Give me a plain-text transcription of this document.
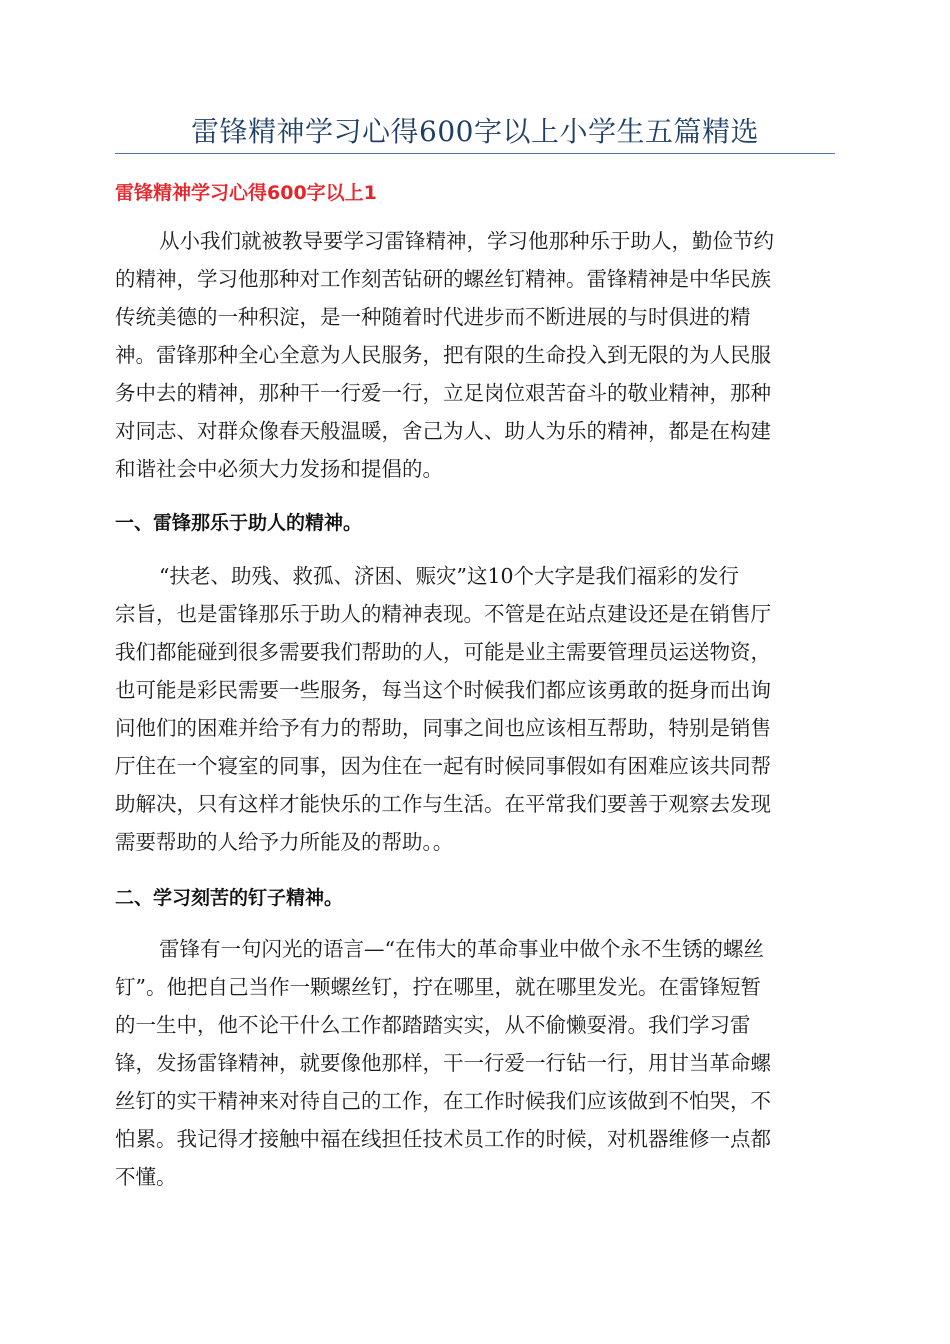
雷锋精神学习心得600字以上小学生五篇精选
雷锋精神学习心得600字以上1
从小我们就被教导要学习雷锋精神，学习他那种乐于助人，勤俭节约
的精神，学习他那种对工作刻苦钻研的螺丝钉精神。雷锋精神是中华民族
传统美德的一种积淀，是一种随着时代进步而不断进展的与时俱进的精
神。雷锋那种全心全意为人民服务，把有限的生命投入到无限的为人民服
务中去的精神，那种干一行爱一行，立足岗位艰苦奋斗的敬业精神，那种
对同志、对群众像春天般温暖，舍己为人、助人为乐的精神，都是在构建
和谐社会中必须大力发扬和提倡的。
一、雷锋那乐于助人的精神。
“扶老、助残、救孤、济困、赈灾”这10个大字是我们福彩的发行
宗旨，也是雷锋那乐于助人的精神表现。不管是在站点建设还是在销售厅
我们都能碰到很多需要我们帮助的人，可能是业主需要管理员运送物资，
也可能是彩民需要一些服务，每当这个时候我们都应该勇敢的挺身而出询
问他们的困难并给予有力的帮助，同事之间也应该相互帮助，特别是销售
厅住在一个寝室的同事，因为住在一起有时候同事假如有困难应该共同帮
助解决，只有这样才能快乐的工作与生活。在平常我们要善于观察去发现
需要帮助的人给予力所能及的帮助。。
二、学习刻苦的钉子精神。
雷锋有一句闪光的语言—“在伟大的革命事业中做个永不生锈的螺丝
钉”。他把自己当作一颗螺丝钉，拧在哪里，就在哪里发光。在雷锋短暂
的一生中，他不论干什么工作都踏踏实实，从不偷懒耍滑。我们学习雷
锋，发扬雷锋精神，就要像他那样，干一行爱一行钻一行，用甘当革命螺
丝钉的实干精神来对待自己的工作，在工作时候我们应该做到不怕哭，不
怕累。我记得才接触中福在线担任技术员工作的时候，对机器维修一点都
不懂。
